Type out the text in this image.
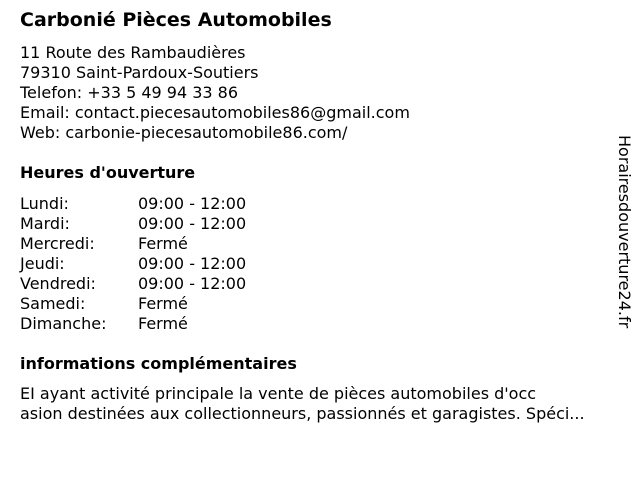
Carbonié Pièces Automobiles
11 Route des Rambaudières
79310 Saint-Pardoux-Soutiers
Telefon: +33 5 49 94 33 86
Email: contact.piecesautomobiles86@gmail.com
Web: carbonie-piecesautomobile86.com/
Heures d'ouverture
Lundi:	09:00 - 12:00
Mardi:	09:00 - 12:00
Mercredi:	Fermé
Jeudi:	09:00 - 12:00
Vendredi:	09:00 - 12:00
Samedi:	Fermé
Dimanche: Fermé
informations complémentaires
EI ayant activité principale la vente de pièces automobiles d'occ
asion destinées aux collectionneurs, passionnés et garagistes. Spéci...
Horairesdouverture24.fr
